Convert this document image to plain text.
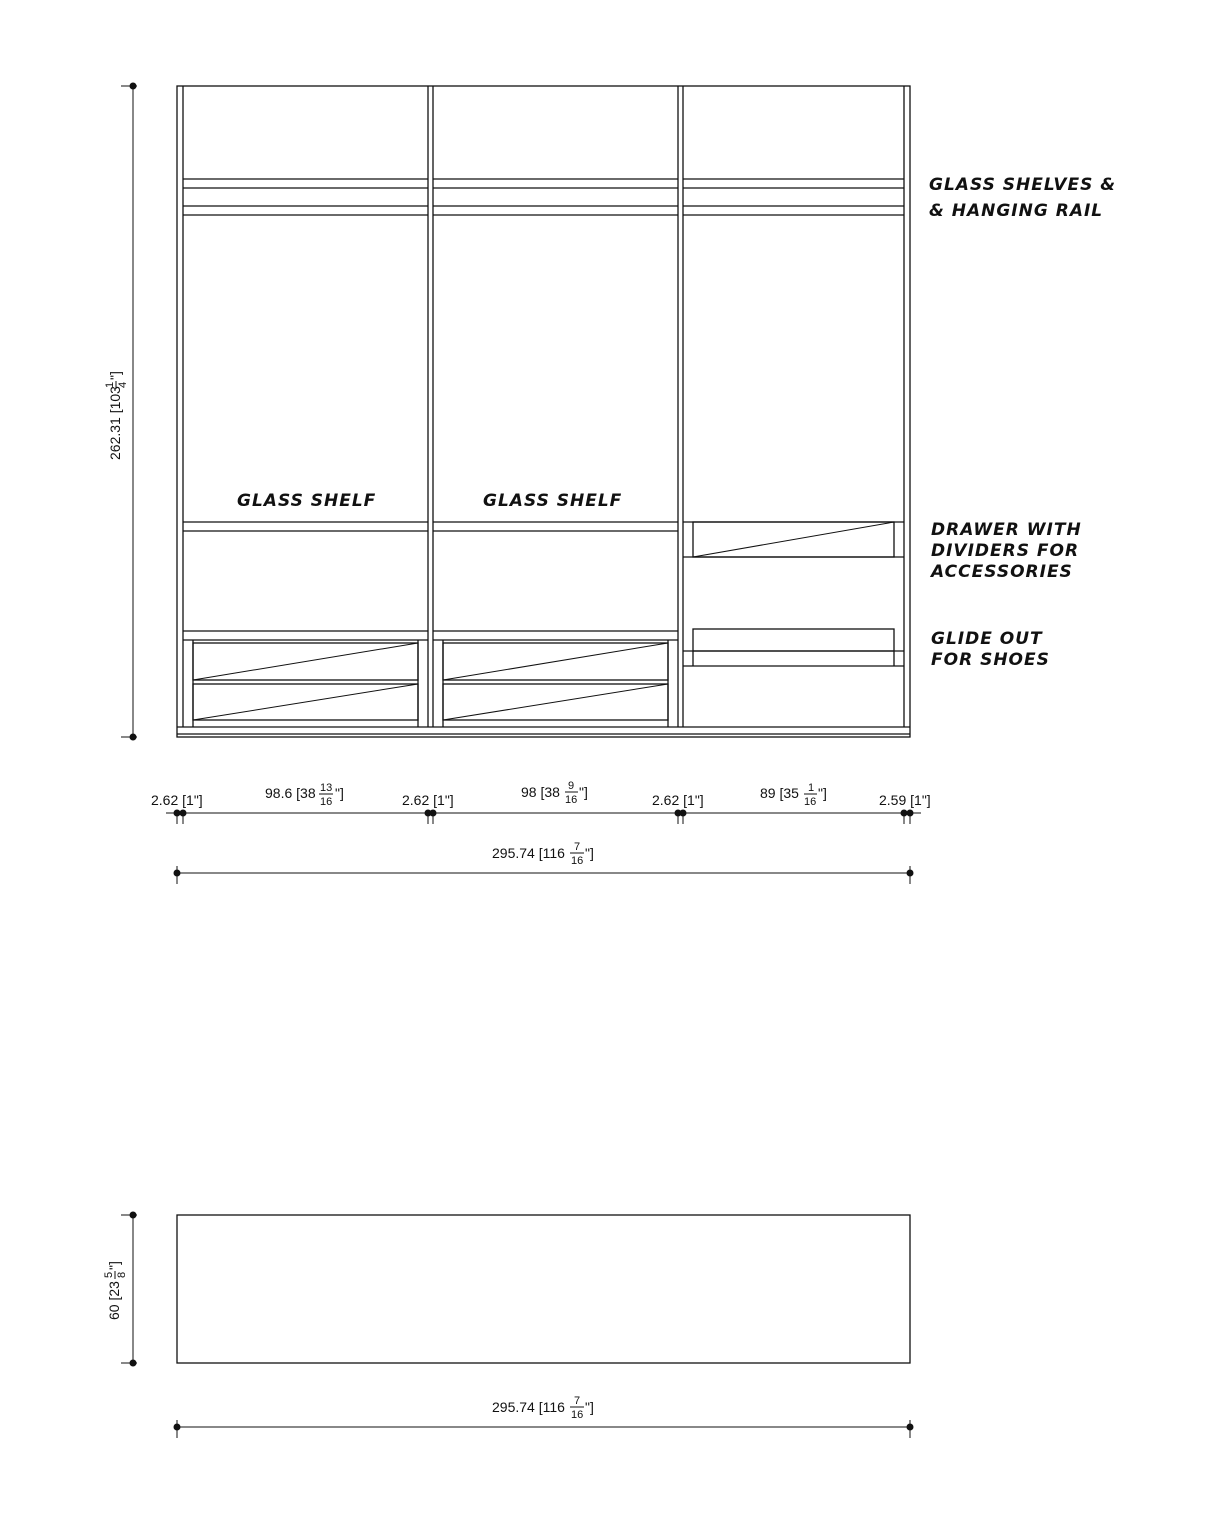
GLASS SHELVES &
& HANGING RAIL
GLASS SHELF	GLASS SHELF
DRAWER WITH
DIVIDERS FOR
ACCESSORIES
GLIDE OUT
FOR SHOES
262.31 [103
1 4
"]
2.62 [1"]	98.6 [38 13
16
"]	2.62 [1"]	98 [38 9
16 "]	2.62 [1"]	89 [35 1
16
"]	2.59 [1"]
295.74 [116 7
16 "]
60 [23
5 8
"]
295.74 [116 7
16 "]
